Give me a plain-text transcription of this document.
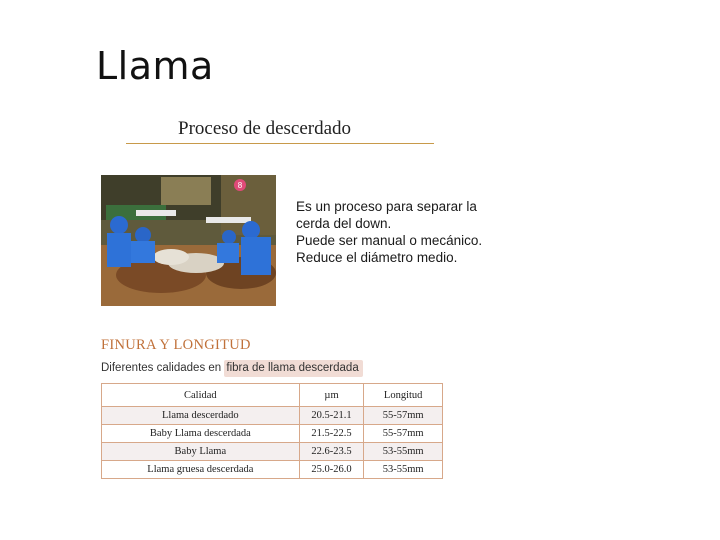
Llama
Proceso de descerdado
8
Es un proceso para separar la
cerda del down.
Puede ser manual o mecánico.
Reduce el diámetro medio.
FINURA Y LONGITUD
Diferentes calidades en fibra de llama descerdada
Calidad	µm	Longitud
Llama descerdado	20.5-21.1	55-57mm
Baby Llama descerdada	21.5-22.5	55-57mm
Baby Llama	22.6-23.5	53-55mm
Llama gruesa descerdada	25.0-26.0	53-55mm
